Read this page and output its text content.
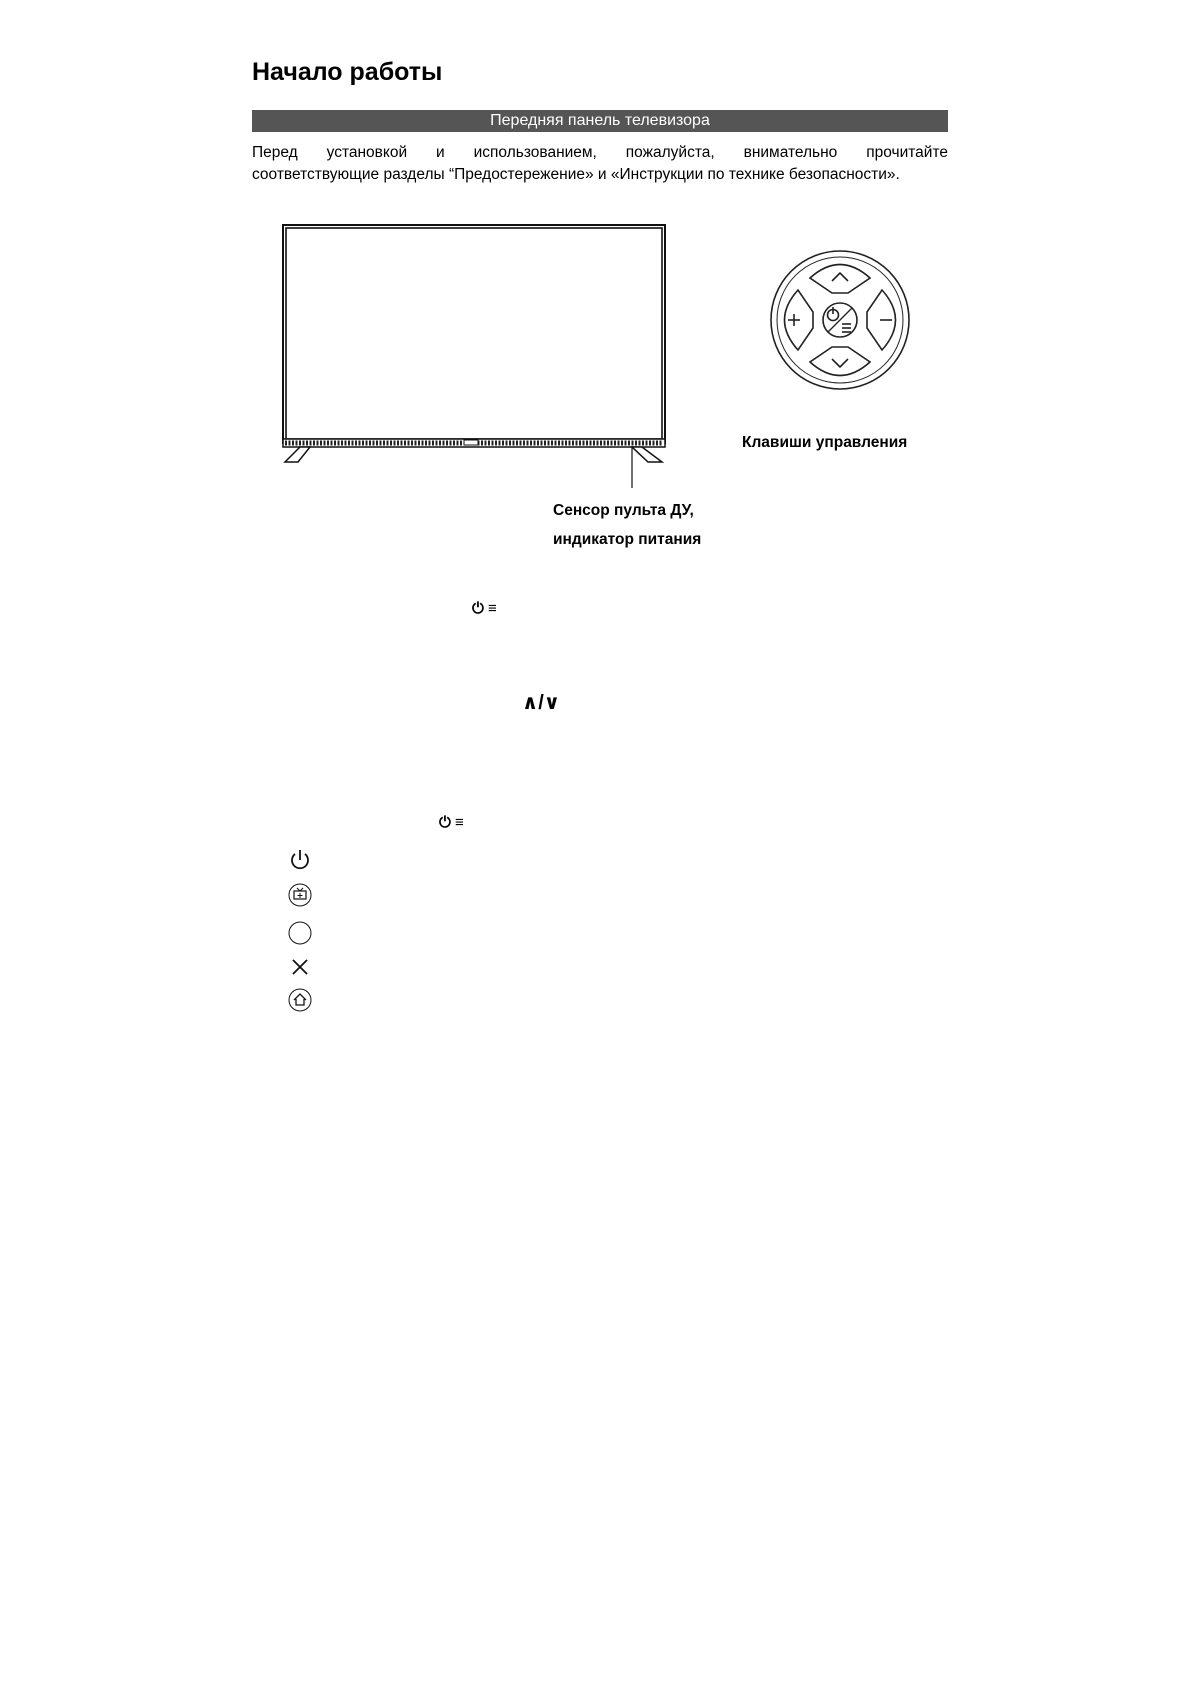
Начало работы
Передняя панель телевизора
Перед установкой и использованием, пожалуйста, внимательно прочитайте
соответствующие разделы “Предостережение» и «Инструкции по технике безопасности».
Клавиши управления
Сенсор пульта ДУ,
индикатор питания
⏻ ≡
∧/∨
⏻ ≡
